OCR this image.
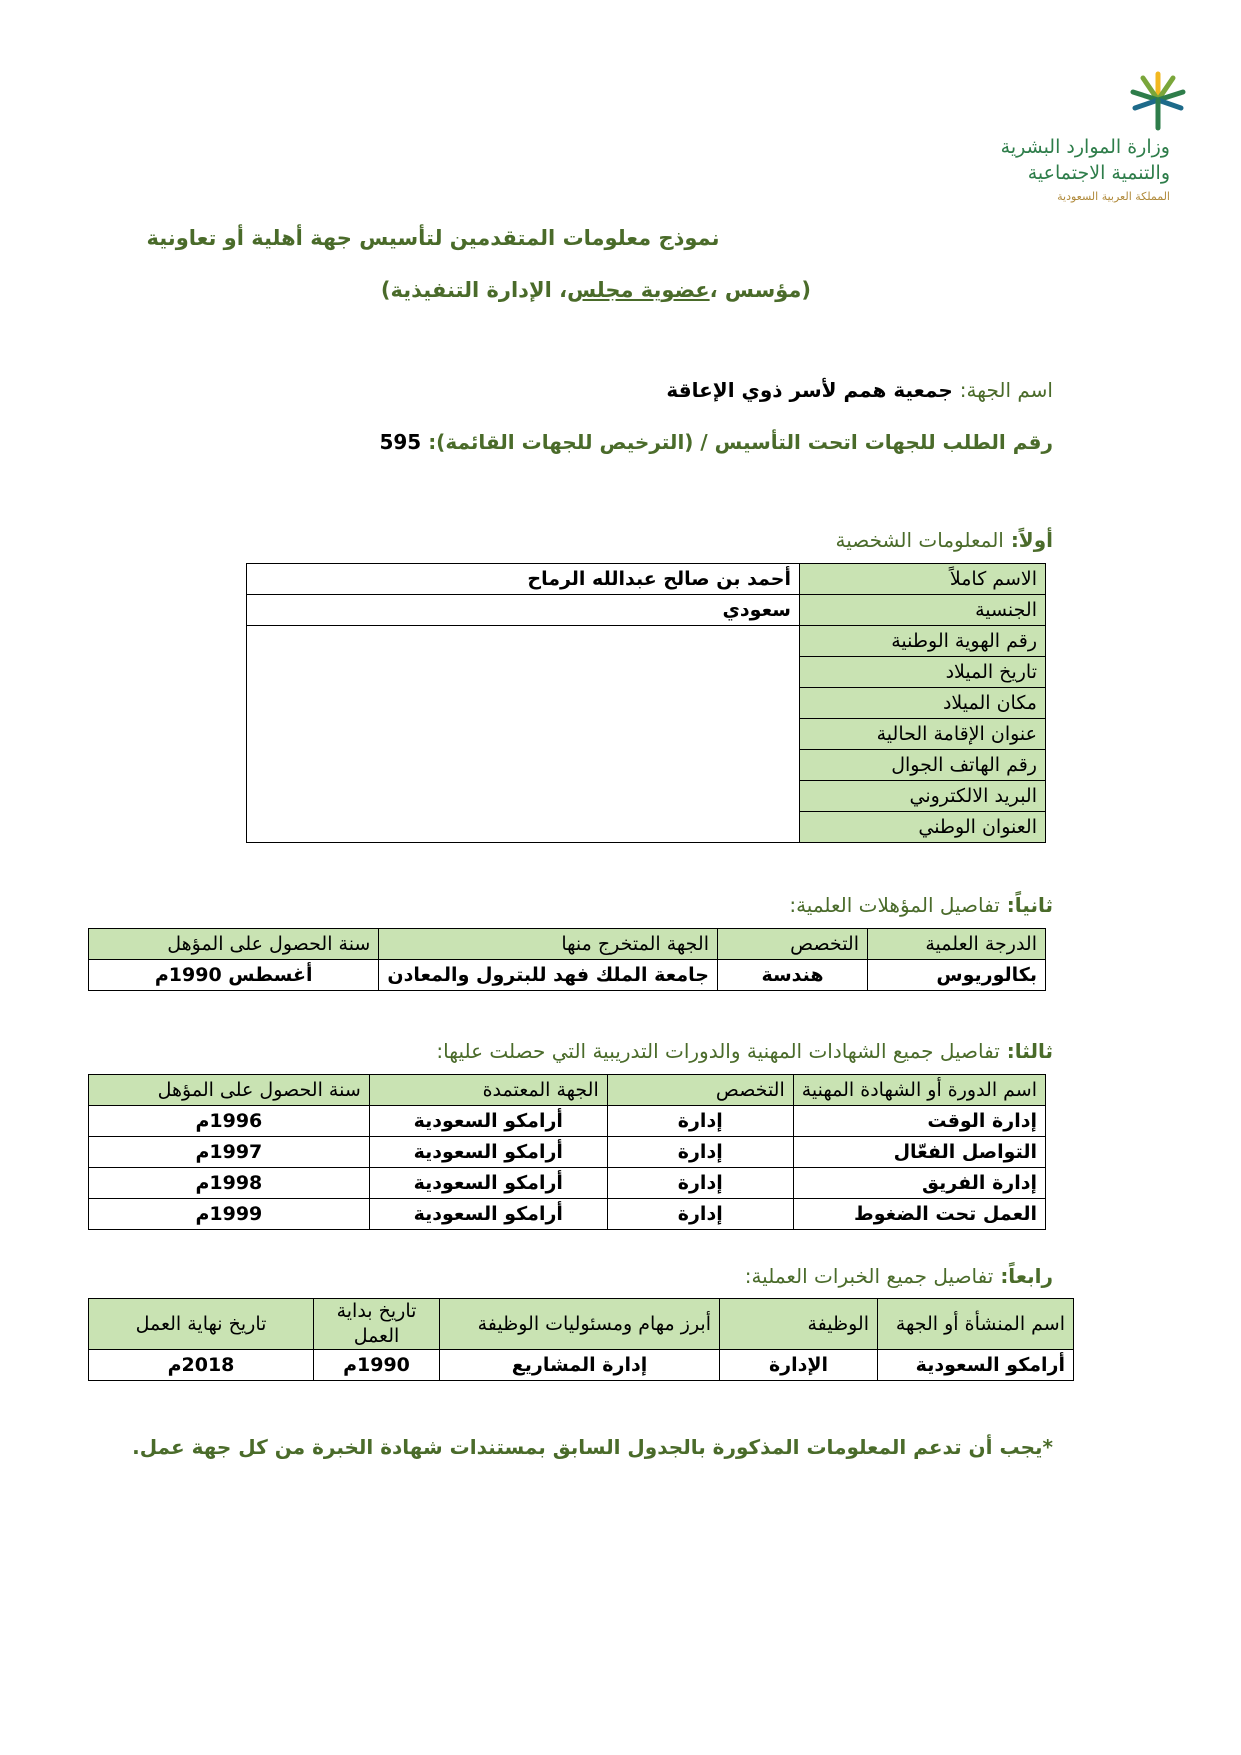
وزارة الموارد البشرية
والتنمية الاجتماعية
المملكة العربية السعودية
نموذج معلومات المتقدمين لتأسيس جهة أهلية أو تعاونية
(مؤسس ،عضوية مجلس، الإدارة التنفيذية)
اسم الجهة: جمعية همم لأسر ذوي الإعاقة
رقم الطلب للجهات اتحت التأسيس / (الترخيص للجهات القائمة): 595
أولاً: المعلومات الشخصية
الاسم كاملاً	أحمد بن صالح عبدالله الرماح
الجنسية	سعودي
رقم الهوية الوطنية	
تاريخ الميلاد	
مكان الميلاد	
عنوان الإقامة الحالية	
رقم الهاتف الجوال	
البريد الالكتروني	
العنوان الوطني	
ثانياً: تفاصيل المؤهلات العلمية:
الدرجة العلمية	التخصص	الجهة المتخرج منها	سنة الحصول على المؤهل
بكالوريوس	هندسة	جامعة الملك فهد للبترول والمعادن	أغسطس 1990م
ثالثا: تفاصيل جميع الشهادات المهنية والدورات التدريبية التي حصلت عليها:
اسم الدورة أو الشهادة المهنية	التخصص	الجهة المعتمدة	سنة الحصول على المؤهل
إدارة الوقت	إدارة	أرامكو السعودية	1996م
التواصل الفعّال	إدارة	أرامكو السعودية	1997م
إدارة الفريق	إدارة	أرامكو السعودية	1998م
العمل تحت الضغوط	إدارة	أرامكو السعودية	1999م
رابعاً: تفاصيل جميع الخبرات العملية:
اسم المنشأة أو الجهة	الوظيفة	أبرز مهام ومسئوليات الوظيفة	تاريخ بداية العمل	تاريخ نهاية العمل
أرامكو السعودية	الإدارة	إدارة المشاريع	1990م	2018م
*يجب أن تدعم المعلومات المذكورة بالجدول السابق بمستندات شهادة الخبرة من كل جهة عمل.
